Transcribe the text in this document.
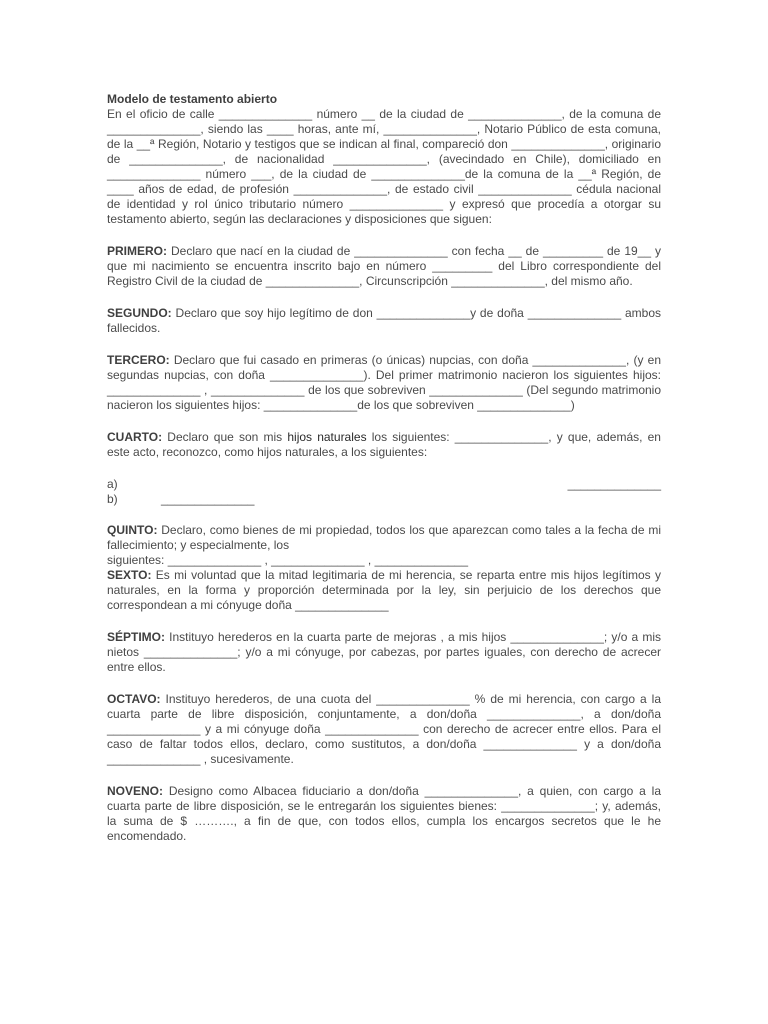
Modelo de testamento abierto
En el oficio de calle ______________ número __ de la ciudad de ______________, de la comuna de ______________, siendo las ____ horas, ante mí, ______________, Notario Público de esta comuna, de la __ª Región, Notario y testigos que se indican al final, compareció don ______________, originario de ______________, de nacionalidad ______________, (avecindado en Chile), domiciliado en ______________ número ___, de la ciudad de ______________de la comuna de la __ª Región, de ____ años de edad, de profesión ______________, de estado civil ______________ cédula nacional de identidad y rol único tributario número ______________ y expresó que procedía a otorgar su testamento abierto, según las declaraciones y disposiciones que siguen:
PRIMERO: Declaro que nací en la ciudad de ______________ con fecha __ de _________ de 19__ y que mi nacimiento se encuentra inscrito bajo en número _________ del Libro correspondiente del Registro Civil de la ciudad de ______________, Circunscripción ______________, del mismo año.
SEGUNDO: Declaro que soy hijo legítimo de don ______________y de doña ______________ ambos fallecidos.
TERCERO: Declaro que fui casado en primeras (o únicas) nupcias, con doña ______________, (y en segundas nupcias, con doña ______________). Del primer matrimonio nacieron los siguientes hijos: ______________ , ______________ de los que sobreviven ______________ (Del segundo matrimonio nacieron los siguientes hijos: ______________de los que sobreviven ______________)
CUARTO: Declaro que son mis hijos naturales los siguientes: ______________, y que, además, en este acto, reconozco, como hijos naturales, a los siguientes:
a)	______________
b)	______________
QUINTO: Declaro, como bienes de mi propiedad, todos los que aparezcan como tales a la fecha de mi fallecimiento; y especialmente, los
siguientes: ______________ , ______________ , ______________
SEXTO: Es mi voluntad que la mitad legitimaria de mi herencia, se reparta entre mis hijos legítimos y naturales, en la forma y proporción determinada por la ley, sin perjuicio de los derechos que correspondean a mi cónyuge doña ______________
SÉPTIMO: Instituyo herederos en la cuarta parte de mejoras , a mis hijos ______________; y/o a mis nietos ______________; y/o a mi cónyuge, por cabezas, por partes iguales, con derecho de acrecer entre ellos.
OCTAVO: Instituyo herederos, de una cuota del ______________ % de mi herencia, con cargo a la cuarta parte de libre disposición, conjuntamente, a don/doña ______________, a don/doña ______________ y a mi cónyuge doña ______________ con derecho de acrecer entre ellos. Para el caso de faltar todos ellos, declaro, como sustitutos, a don/doña ______________ y a don/doña ______________ , sucesivamente.
NOVENO: Designo como Albacea fiduciario a don/doña ______________, a quien, con cargo a la cuarta parte de libre disposición, se le entregarán los siguientes bienes: ______________; y, además, la suma de $ ………., a fin de que, con todos ellos, cumpla los encargos secretos que le he encomendado.
